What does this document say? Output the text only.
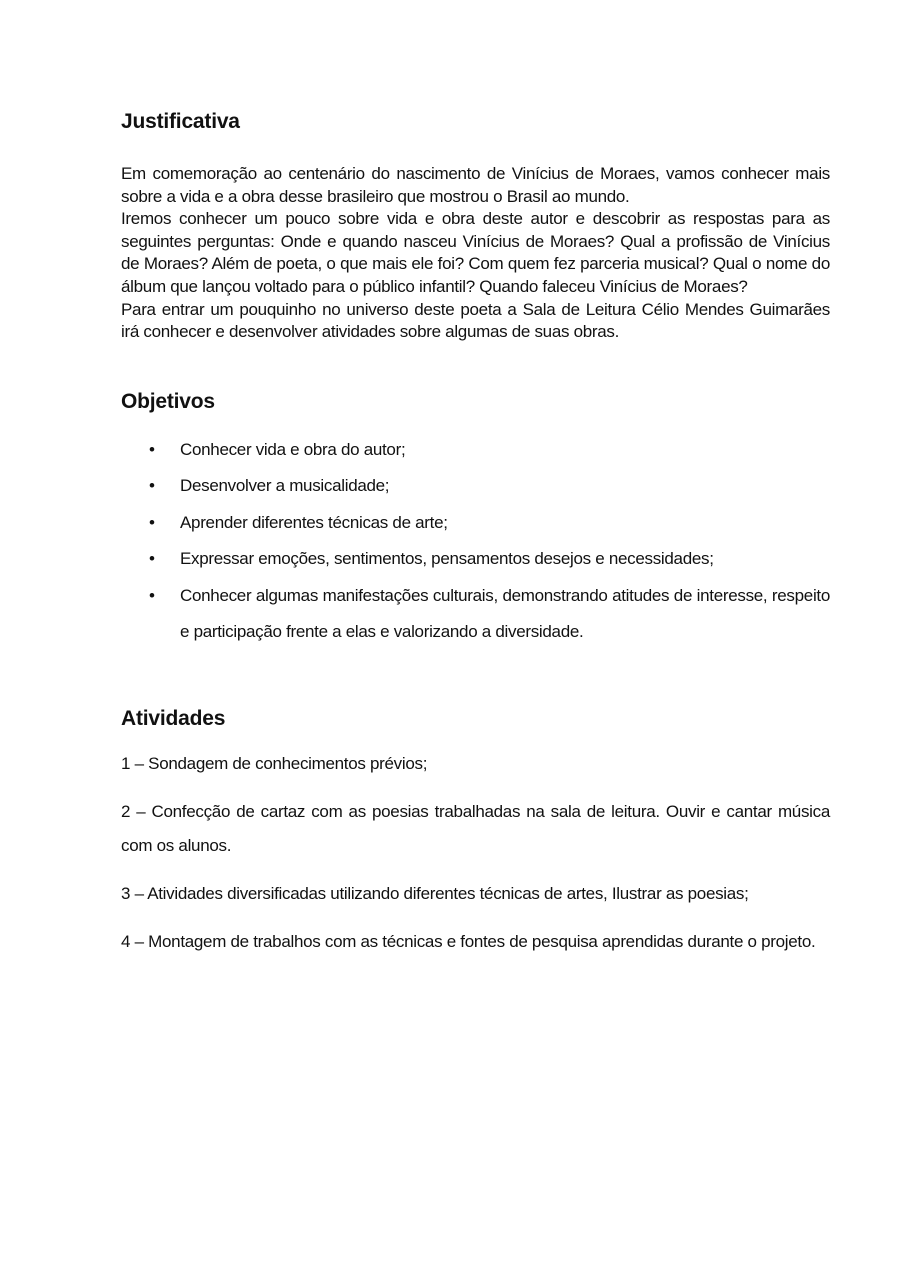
Justificativa

Em comemoração ao centenário do nascimento de Vinícius de Moraes, vamos conhecer mais sobre a vida e a obra desse brasileiro que mostrou o Brasil ao mundo.

Iremos conhecer um pouco sobre vida e obra deste autor e descobrir as respostas para as seguintes perguntas: Onde e quando nasceu Vinícius de Moraes? Qual a profissão de Vinícius de Moraes? Além de poeta, o que mais ele foi? Com quem fez parceria musical? Qual o nome do álbum que lançou voltado para o público infantil? Quando faleceu Vinícius de Moraes?

Para entrar um pouquinho no universo deste poeta a Sala de Leitura Célio Mendes Guimarães irá conhecer e desenvolver atividades sobre algumas de suas obras.

Objetivos
• Conhecer vida e obra do autor;
• Desenvolver a musicalidade;
• Aprender diferentes técnicas de arte;
• Expressar emoções, sentimentos, pensamentos desejos e necessidades;
• Conhecer algumas manifestações culturais, demonstrando atitudes de interesse, respeito e participação frente a elas e valorizando a diversidade.
Atividades

1 – Sondagem de conhecimentos prévios;

2 – Confecção de cartaz com as poesias trabalhadas na sala de leitura. Ouvir e cantar música com os alunos.

3 – Atividades diversificadas utilizando diferentes técnicas de artes, Ilustrar as poesias;

4 – Montagem de trabalhos com as técnicas e fontes de pesquisa aprendidas durante o projeto.
